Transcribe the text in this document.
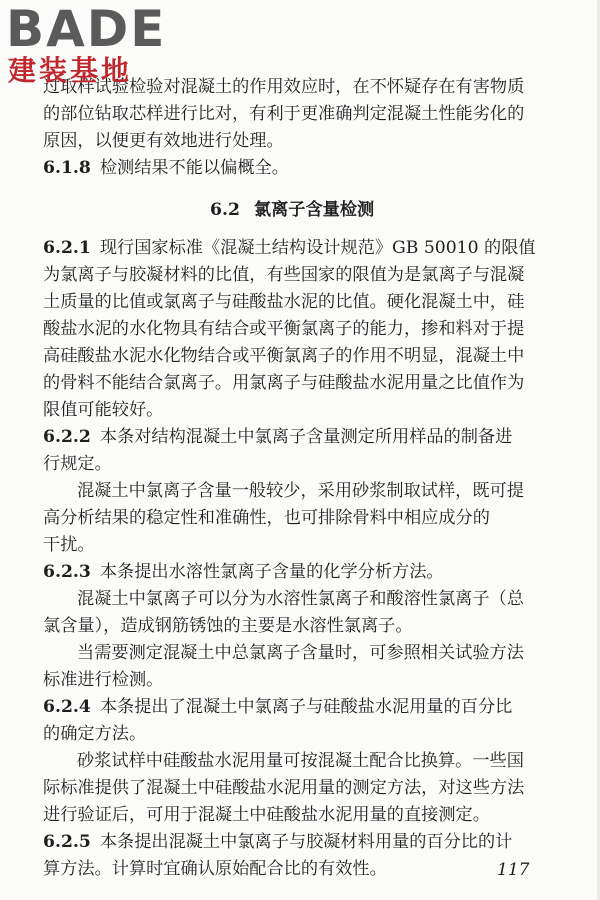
BADE
建装基地
过取样试验检验对混凝土的作用效应时，在不怀疑存在有害物质
的部位钻取芯样进行比对，有利于更准确判定混凝土性能劣化的
原因，以便更有效地进行处理。
6.1.8 检测结果不能以偏概全。
6.2 氯离子含量检测
6.2.1 现行国家标准《混凝土结构设计规范》GB 50010 的限值
为氯离子与胶凝材料的比值，有些国家的限值为是氯离子与混凝
土质量的比值或氯离子与硅酸盐水泥的比值。硬化混凝土中，硅
酸盐水泥的水化物具有结合或平衡氯离子的能力，掺和料对于提
高硅酸盐水泥水化物结合或平衡氯离子的作用不明显，混凝土中
的骨料不能结合氯离子。用氯离子与硅酸盐水泥用量之比值作为
限值可能较好。
6.2.2 本条对结构混凝土中氯离子含量测定所用样品的制备进
行规定。
混凝土中氯离子含量一般较少，采用砂浆制取试样，既可提
高分析结果的稳定性和准确性，也可排除骨料中相应成分的
干扰。
6.2.3 本条提出水溶性氯离子含量的化学分析方法。
混凝土中氯离子可以分为水溶性氯离子和酸溶性氯离子（总
氯含量），造成钢筋锈蚀的主要是水溶性氯离子。
当需要测定混凝土中总氯离子含量时，可参照相关试验方法
标准进行检测。
6.2.4 本条提出了混凝土中氯离子与硅酸盐水泥用量的百分比
的确定方法。
砂浆试样中硅酸盐水泥用量可按混凝土配合比换算。一些国
际标准提供了混凝土中硅酸盐水泥用量的测定方法，对这些方法
进行验证后，可用于混凝土中硅酸盐水泥用量的直接测定。
6.2.5 本条提出混凝土中氯离子与胶凝材料用量的百分比的计
算方法。计算时宜确认原始配合比的有效性。	117
